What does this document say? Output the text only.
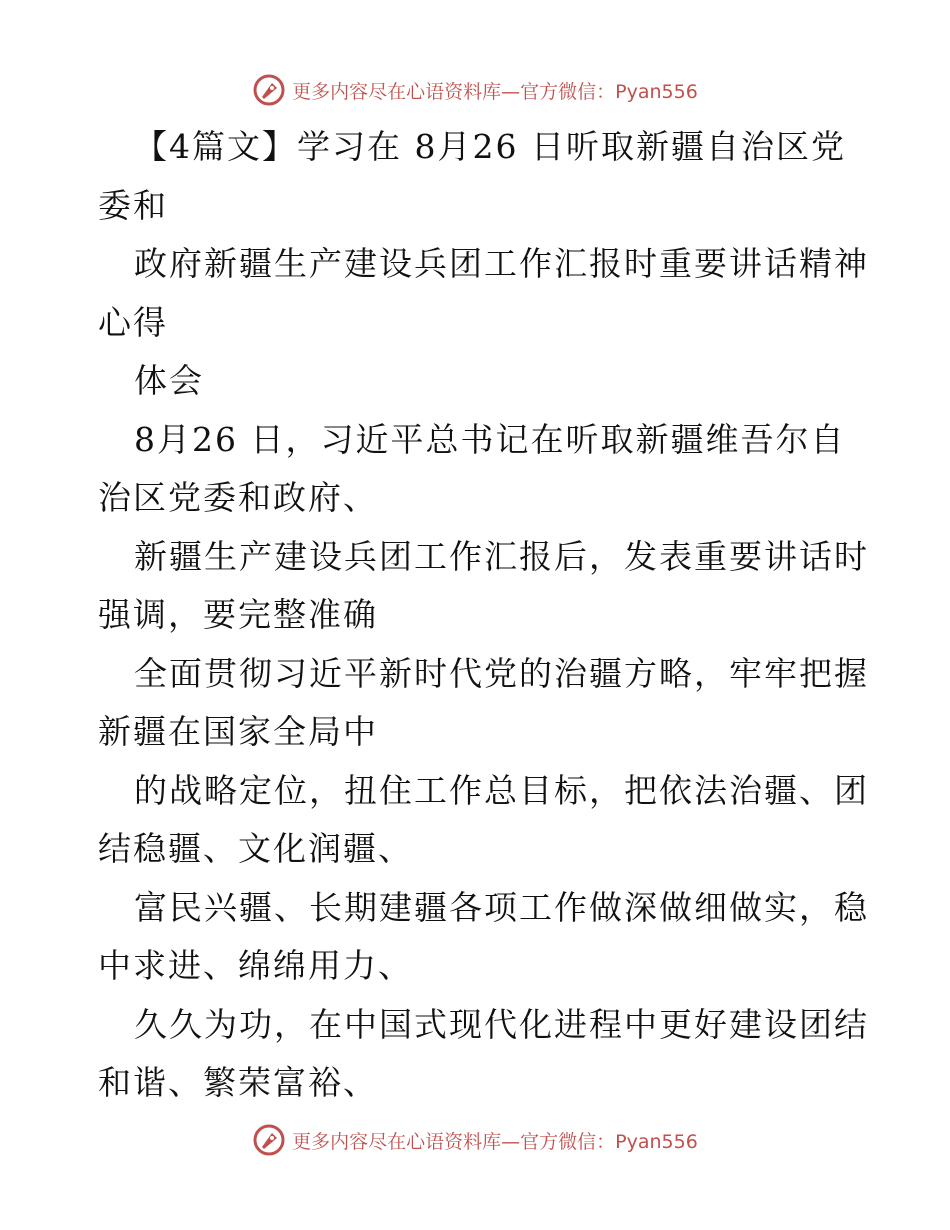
更多内容尽在心语资料库—官方微信：Pyan556
【4篇文】学习在 8月26 日听取新疆自治区党
委和
政府新疆生产建设兵团工作汇报时重要讲话精神
心得
体会
8月26 日，习近平总书记在听取新疆维吾尔自
治区党委和政府、
新疆生产建设兵团工作汇报后，发表重要讲话时
强调，要完整准确
全面贯彻习近平新时代党的治疆方略，牢牢把握
新疆在国家全局中
的战略定位，扭住工作总目标，把依法治疆、团
结稳疆、文化润疆、
富民兴疆、长期建疆各项工作做深做细做实，稳
中求进、绵绵用力、
久久为功，在中国式现代化进程中更好建设团结
和谐、繁荣富裕、
更多内容尽在心语资料库—官方微信：Pyan556
